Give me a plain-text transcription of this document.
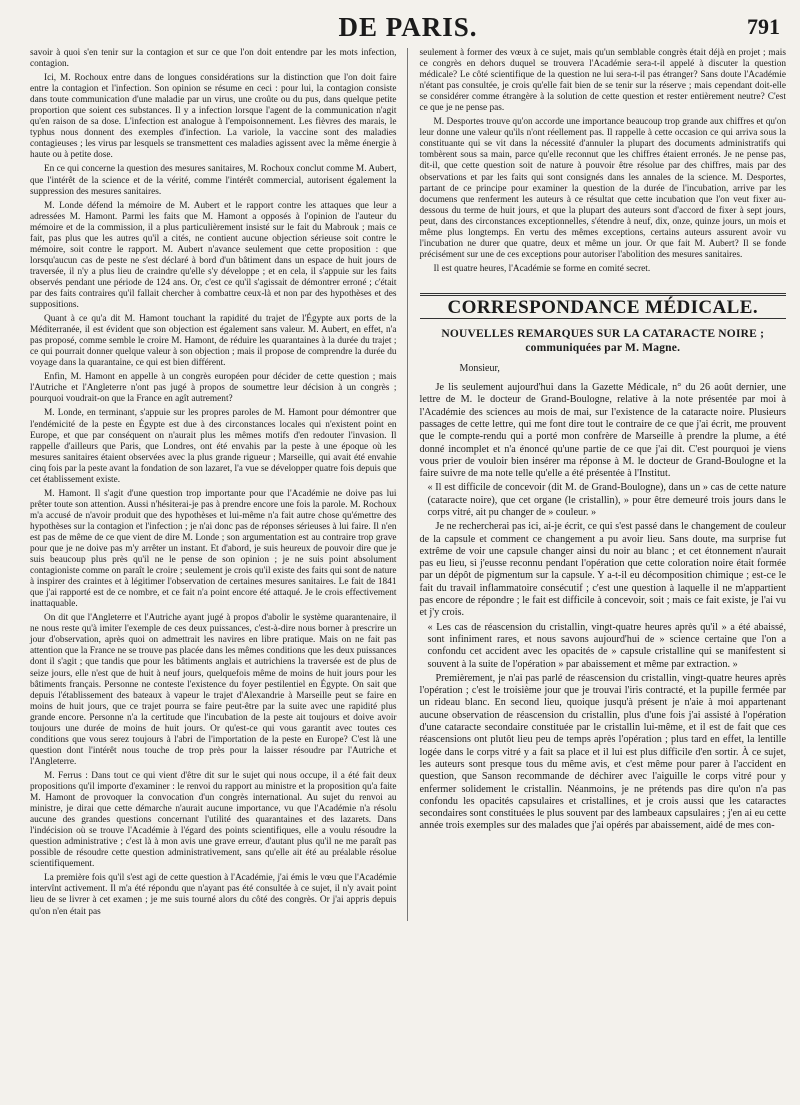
DE PARIS.	791

savoir à quoi s'en tenir sur la contagion et sur ce que l'on doit entendre par les mots infection, contagion.

Ici, M. Rochoux entre dans de longues considérations sur la distinction que l'on doit faire entre la contagion et l'infection. Son opinion se résume en ceci : pour lui, la contagion consiste dans toute communication d'une maladie par un virus, une croûte ou du pus, dans quelque petite proportion que soient ces substances. Il y a infection lorsque l'agent de la communication n'agit qu'en raison de sa dose. L'infection est analogue à l'empoisonnement. Les fièvres des marais, le typhus nous donnent des exemples d'infection. La variole, la vaccine sont des maladies contagieuses ; les virus par lesquels se transmettent ces maladies agissent avec la même énergie à haute ou à petite dose.

En ce qui concerne la question des mesures sanitaires, M. Rochoux conclut comme M. Aubert, que l'intérêt de la science et de la vérité, comme l'intérêt commercial, autorisent également la suppression des mesures sanitaires.

M. Londe défend la mémoire de M. Aubert et le rapport contre les attaques que leur a adressées M. Hamont. Parmi les faits que M. Hamont a opposés à l'opinion de l'auteur du mémoire et de la commission, il a plus particulièrement insisté sur le fait du Mabrouk ; mais ce fait, pas plus que les autres qu'il a cités, ne contient aucune objection sérieuse soit contre le mémoire, soit contre le rapport. M. Aubert n'avance seulement que cette proposition : que lorsqu'aucun cas de peste ne s'est déclaré à bord d'un bâtiment dans un espace de huit jours de traversée, il n'y a plus lieu de craindre qu'elle s'y développe ; et en cela, il s'appuie sur les faits observés pendant une période de 124 ans. Or, c'est ce qu'il s'agissait de démontrer erroné ; c'était par des faits contraires qu'il fallait chercher à combattre ceux-là et non par des hypothèses et des suppositions.

Quant à ce qu'a dit M. Hamont touchant la rapidité du trajet de l'Égypte aux ports de la Méditerranée, il est évident que son objection est également sans valeur. M. Aubert, en effet, n'a pas proposé, comme semble le croire M. Hamont, de réduire les quarantaines à la durée du trajet ; ce qui pourrait donner quelque valeur à son objection ; mais il propose de comprendre la durée du voyage dans la quarantaine, ce qui est bien différent.

Enfin, M. Hamont en appelle à un congrès européen pour décider de cette question ; mais l'Autriche et l'Angleterre n'ont pas jugé à propos de soumettre leur décision à un congrès ; pourquoi voudrait-on que la France en agît autrement?

M. Londe, en terminant, s'appuie sur les propres paroles de M. Hamont pour démontrer que l'endémicité de la peste en Égypte est due à des circonstances locales qui n'existent point en Europe, et que par conséquent on n'aurait plus les mêmes motifs d'en redouter l'invasion. Il rappelle d'ailleurs que Paris, que Londres, ont été envahis par la peste à une époque où les mesures sanitaires étaient observées avec la plus grande rigueur ; Marseille, qui avait été envahie cinq fois par la peste avant la fondation de son lazaret, l'a vue se développer quatre fois depuis que cet établissement existe.

M. Hamont. Il s'agit d'une question trop importante pour que l'Académie ne doive pas lui prêter toute son attention. Aussi n'hésiterai-je pas à prendre encore une fois la parole. M. Rochoux m'a accusé de n'avoir produit que des hypothèses et lui-même n'a fait autre chose qu'émettre des hypothèses sur la contagion et l'infection ; je n'ai donc pas de réponses sérieuses à lui faire. Il n'en est pas de même de ce que vient de dire M. Londe ; son argumentation est au contraire trop grave pour que je ne doive pas m'y arrêter un instant. Et d'abord, je suis heureux de pouvoir dire que je suis beaucoup plus près qu'il ne le pense de son opinion ; je ne suis point absolument contagioniste comme on paraît le croire ; seulement je crois qu'il existe des faits qui sont de nature à inspirer des craintes et à légitimer l'observation de certaines mesures sanitaires. Le fait de 1841 que j'ai rapporté est de ce nombre, et ce fait n'a point encore été attaqué. Je le crois effectivement inattaquable.

On dit que l'Angleterre et l'Autriche ayant jugé à propos d'abolir le système quarantenaire, il ne nous reste qu'à imiter l'exemple de ces deux puissances, c'est-à-dire nous borner à prescrire un jour d'observation, après quoi on admettrait les navires en libre pratique. Mais on ne fait pas attention que la France ne se trouve pas placée dans les mêmes conditions que les deux puissances dont il s'agit ; que tandis que pour les bâtiments anglais et autrichiens la traversée est de plus de seize jours, elle n'est que de huit à neuf jours, quelquefois même de moins de huit jours pour les bâtiments français. Personne ne conteste l'existence du foyer pestilentiel en Égypte. On sait que depuis l'établissement des bateaux à vapeur le trajet d'Alexandrie à Marseille peut se faire en moins de huit jours, que ce trajet pourra se faire peut-être par la suite avec une rapidité plus grande encore. Personne n'a la certitude que l'incubation de la peste ait toujours et doive avoir toujours une durée de moins de huit jours. Or qu'est-ce qui vous garantit avec toutes ces conditions que vous serez toujours à l'abri de l'importation de la peste en Europe? C'est là une question dont l'intérêt nous touche de trop près pour la laisser résoudre par l'Autriche et l'Angleterre.

M. Ferrus : Dans tout ce qui vient d'être dit sur le sujet qui nous occupe, il a été fait deux propositions qu'il importe d'examiner : le renvoi du rapport au ministre et la proposition qu'a faite M. Hamont de provoquer la convocation d'un congrès international. Au sujet du renvoi au ministre, je dirai que cette démarche n'aurait aucune importance, vu que l'Académie n'a résolu aucune des grandes questions concernant l'utilité des quarantaines et des lazarets. Dans l'indécision où se trouve l'Académie à l'égard des points scientifiques, elle a voulu résoudre la question administrative ; c'est là à mon avis une grave erreur, d'autant plus qu'il ne me paraît pas possible de résoudre cette question administrativement, sans qu'elle ait été au préalable résolue scientifiquement.

La première fois qu'il s'est agi de cette question à l'Académie, j'ai émis le vœu que l'Académie intervînt activement. Il m'a été répondu que n'ayant pas été consultée à ce sujet, il n'y avait point lieu de se livrer à cet examen ; je me suis tourné alors du côté des congrès. Or j'ai appris depuis qu'on n'en était pas

seulement à former des vœux à ce sujet, mais qu'un semblable congrès était déjà en projet ; mais ce congrès en dehors duquel se trouvera l'Académie sera-t-il appelé à discuter la question médicale? Le côté scientifique de la question ne lui sera-t-il pas étranger? Sans doute l'Académie n'étant pas consultée, je crois qu'elle fait bien de se tenir sur la réserve ; mais cependant doit-elle se considérer comme étrangère à la solution de cette question et rester entièrement neutre? C'est ce que je ne pense pas.

M. Desportes trouve qu'on accorde une importance beaucoup trop grande aux chiffres et qu'on leur donne une valeur qu'ils n'ont réellement pas. Il rappelle à cette occasion ce qui arriva sous la constituante qui se vit dans la nécessité d'annuler la plupart des documents administratifs qui tombèrent sous sa main, parce qu'elle reconnut que les chiffres étaient erronés. Je ne pense pas, dit-il, que cette question soit de nature à pouvoir être résolue par des chiffres, mais par des observations et par les faits qui sont consignés dans les annales de la science. M. Desportes, partant de ce principe pour examiner la question de la durée de l'incubation, arrive par les documens que renferment les auteurs à ce résultat que cette incubation que l'on veut fixer au-dessous du terme de huit jours, et que la plupart des auteurs sont d'accord de fixer à sept jours, peut, dans des circonstances exceptionnelles, s'étendre à neuf, dix, onze, quinze jours, un mois et même plus longtemps. En vertu des mêmes exceptions, certains auteurs assurent avoir vu l'incubation ne durer que quatre, deux et même un jour. Or que fait M. Aubert? Il se fonde précisément sur une de ces exceptions pour autoriser l'abolition des mesures sanitaires.

Il est quatre heures, l'Académie se forme en comité secret.

CORRESPONDANCE MÉDICALE.
NOUVELLES REMARQUES SUR LA CATARACTE NOIRE ; communiquées par M. Magne.
Monsieur,

Je lis seulement aujourd'hui dans la Gazette Médicale, n° du 26 août dernier, une lettre de M. le docteur de Grand-Boulogne, relative à la note présentée par moi à l'Académie des sciences au mois de mai, sur l'existence de la cataracte noire. Plusieurs passages de cette lettre, qui me font dire tout le contraire de ce que j'ai écrit, me prouvent que le compte-rendu qui a porté mon confrère de Marseille à prendre la plume, a été donné incomplet et n'a énoncé qu'une partie de ce que j'ai dit. C'est pourquoi je viens vous prier de vouloir bien insérer ma réponse à M. le docteur de Grand-Boulogne et la faire suivre de ma note telle qu'elle a été présentée à l'Institut.

« Il est difficile de concevoir (dit M. de Grand-Boulogne), dans un » cas de cette nature (cataracte noire), que cet organe (le cristallin), » pour être demeuré trois jours dans le corps vitré, ait pu changer de » couleur. »

Je ne rechercherai pas ici, ai-je écrit, ce qui s'est passé dans le changement de couleur de la capsule et comment ce changement a pu avoir lieu. Sans doute, ma surprise fut extrême de voir une capsule changer ainsi du noir au blanc ; et cet étonnement n'aurait pas eu lieu, si j'eusse reconnu pendant l'opération que cette coloration noire était formée par un dépôt de pigmentum sur la capsule. Y a-t-il eu décomposition chimique ; est-ce le fait du travail inflammatoire consécutif ; c'est une question à laquelle il ne m'appartient pas encore de répondre ; le fait est difficile à concevoir, soit ; mais ce fait existe, je l'ai vu et j'y crois.

« Les cas de réascension du cristallin, vingt-quatre heures après qu'il » a été abaissé, sont infiniment rares, et nous savons aujourd'hui de » science certaine que l'on a confondu cet accident avec les opacités de » capsule cristalline qui se manifestent si souvent à la suite de l'opération » par abaissement et même par extraction. »

Premièrement, je n'ai pas parlé de réascension du cristallin, vingt-quatre heures après l'opération ; c'est le troisième jour que je trouvai l'iris contracté, et la pupille fermée par un rideau blanc. En second lieu, quoique jusqu'à présent je n'aie à moi appartenant aucune observation de réascension du cristallin, plus d'une fois j'ai assisté à l'opération d'une cataracte secondaire constituée par le cristallin lui-même, et il est de fait que ces réascensions ont plutôt lieu peu de temps après l'opération ; plus tard en effet, la lentille logée dans le corps vitré y a fait sa place et il lui est plus difficile d'en sortir. À ce sujet, les auteurs sont presque tous du même avis, et c'est même pour parer à l'accident en question, que Sanson recommande de déchirer avec l'aiguille le corps vitré pour y enfermer solidement le cristallin. Néanmoins, je ne prétends pas dire qu'on n'a pas confondu les opacités capsulaires et cristallines, et je crois aussi que les cataractes secondaires sont constituées le plus souvent par des lambeaux capsulaires ; j'en ai eu cette année trois exemples sur des malades que j'ai opérés par abaissement, aidé de mes con-
